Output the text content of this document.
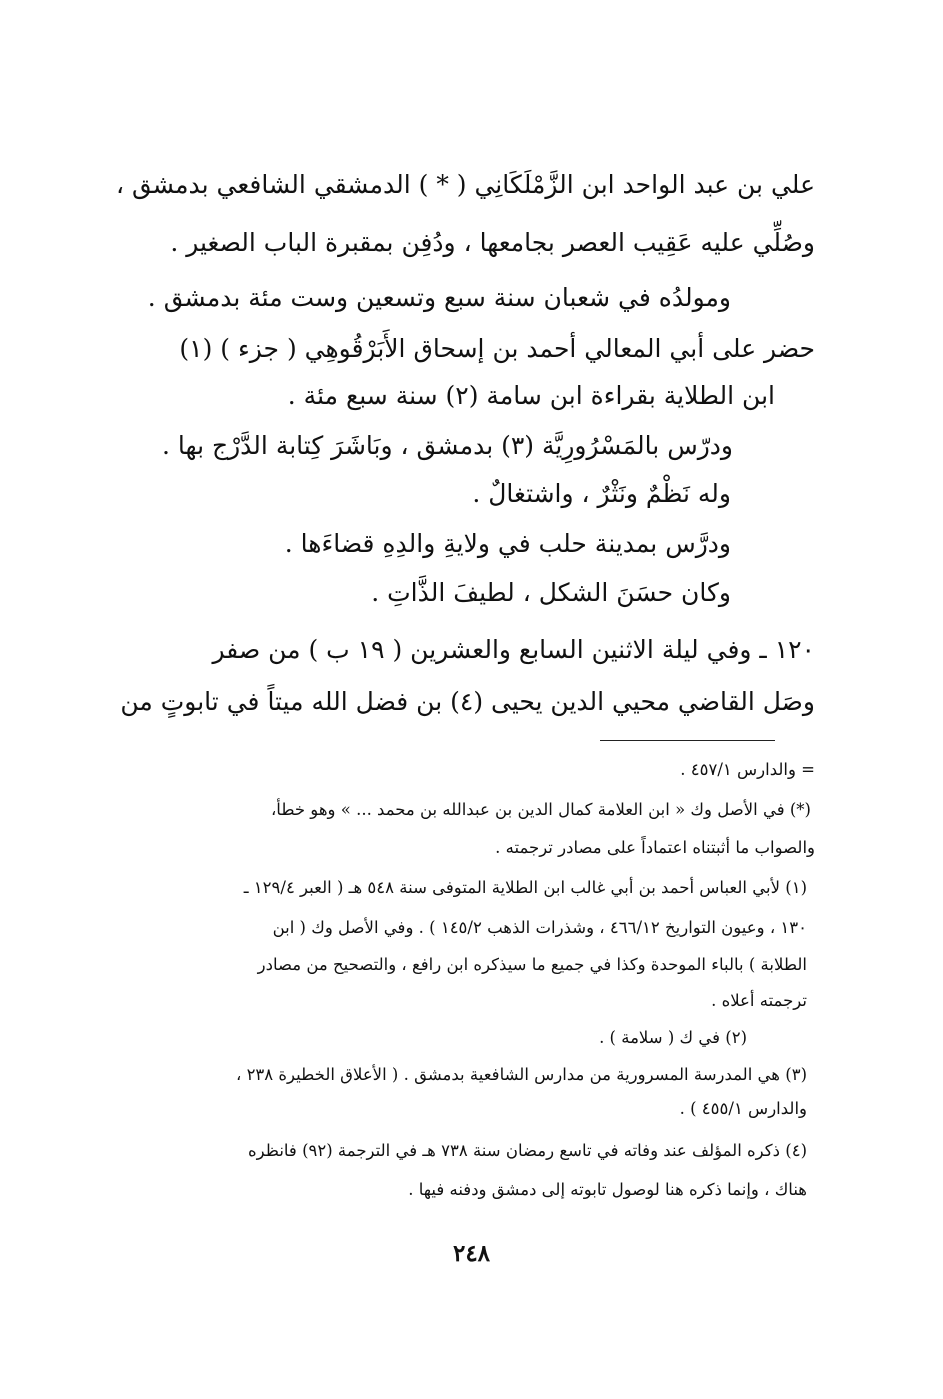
علي بن عبد الواحد ابن الزَّمْلَكَانِي ( * ) الدمشقي الشافعي بدمشق ،
وصُلِّي عليه عَقِيب العصر بجامعها ، ودُفِن بمقبرة الباب الصغير .
ومولدُه في شعبان سنة سبع وتسعين وست مئة بدمشق .
حضر على أبي المعالي أحمد بن إسحاق الأَبَرْقُوهِي ( جزء ) (١)
ابن الطلاية بقراءة ابن سامة (٢) سنة سبع مئة .
ودرّس بالمَسْرُورِيَّة (٣) بدمشق ، وبَاشَرَ كِتابة الدَّرْج بها .
وله نَظْمٌ ونَثْرٌ ، واشتغالٌ .
ودرَّس بمدينة حلب في ولايةِ والدِهِ قضاءَها .
وكان حسَنَ الشكل ، لطيفَ الذَّاتِ .
١٢٠ ـ وفي ليلة الاثنين السابع والعشرين ( ١٩ ب ) من صفر
وصَل القاضي محيي الدين يحيى (٤) بن فضل الله ميتاً في تابوتٍ من
= والدارس ٤٥٧/١ .
(*) في الأصل وك « ابن العلامة كمال الدين بن عبدالله بن محمد ... » وهو خطأ،
والصواب ما أثبتناه اعتماداً على مصادر ترجمته .
(١) لأبي العباس أحمد بن أبي غالب ابن الطلاية المتوفى سنة ٥٤٨ هـ ( العبر ١٢٩/٤ ـ
١٣٠ ، وعيون التواريخ ٤٦٦/١٢ ، وشذرات الذهب ١٤٥/٢ ) . وفي الأصل وك ( ابن
الطلابة ) بالباء الموحدة وكذا في جميع ما سيذكره ابن رافع ، والتصحيح من مصادر
ترجمته أعلاه .
(٢) في ك ( سلامة ) .
(٣) هي المدرسة المسرورية من مدارس الشافعية بدمشق . ( الأعلاق الخطيرة ٢٣٨ ،
والدارس ٤٥٥/١ ) .
(٤) ذكره المؤلف عند وفاته في تاسع رمضان سنة ٧٣٨ هـ في الترجمة (٩٢) فانظره
هناك ، وإنما ذكره هنا لوصول تابوته إلى دمشق ودفنه فيها .
٢٤٨
